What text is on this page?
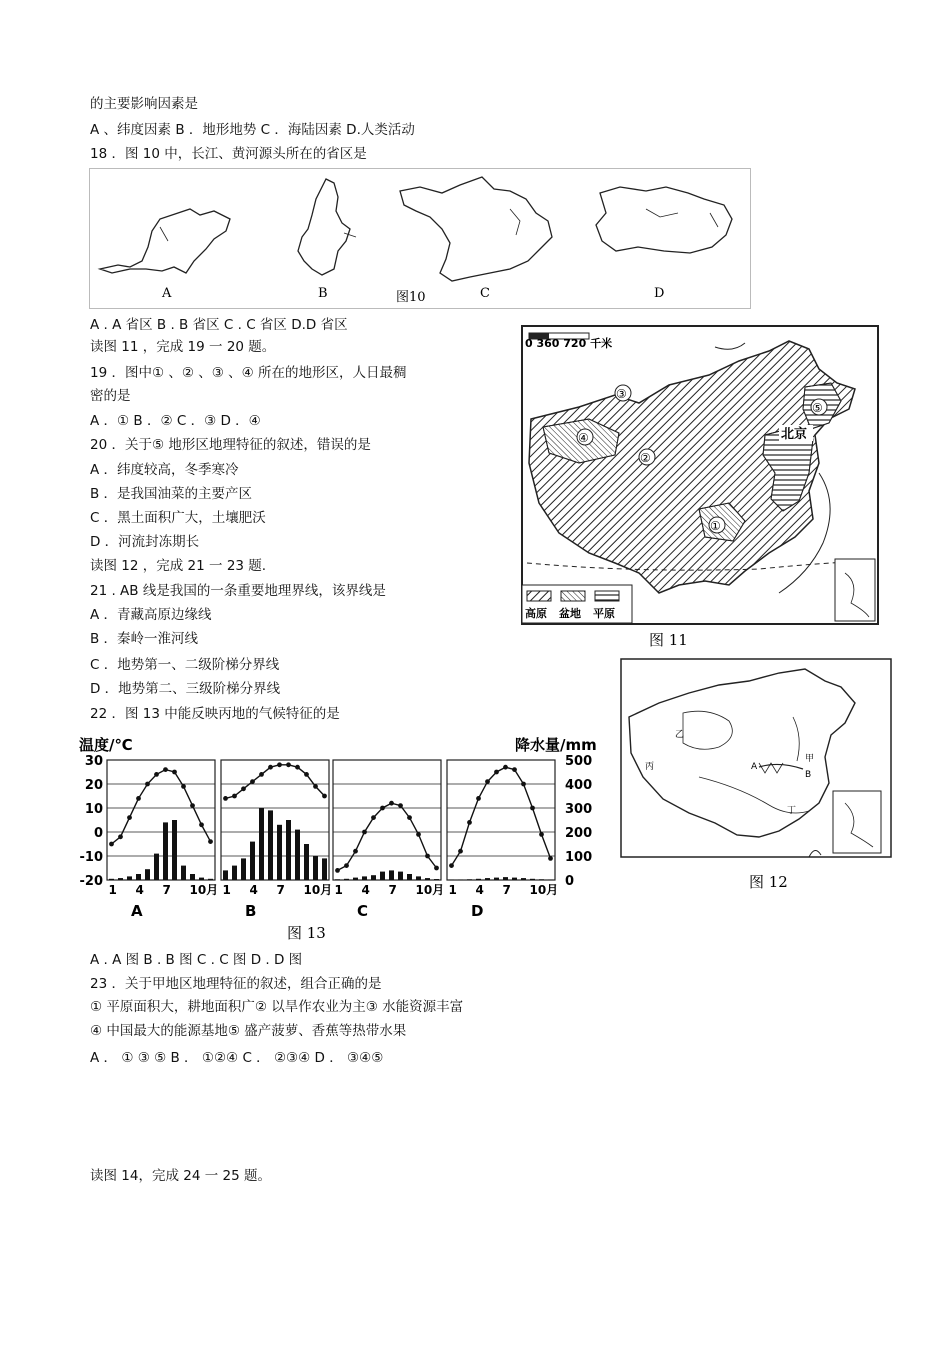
的主要影响因素是
A 、纬度因素 B ．地形地势 C ．海陆因素 D.人类活动
18 ．图 10 中，长江、黄河源头所在的省区是
A	B	图10	C	D
A . A 省区 B . B 省区 C . C 省区 D.D 省区
读图 11 ，完成 19 一 20 题。
19 ．图中① 、② 、③ 、④ 所在的地形区，人日最稠
密的是
A ．① B ．② C ．③ D ．④
20 ．关于⑤ 地形区地理特征的叙述，错误的是
A ．纬度较高，冬季寒冷
B ．是我国油菜的主要产区
C ．黑土面积广大，土壤肥沃
D ．河流封冻期长
读图 12 ，完成 21 一 23 题.
21 . AB 线是我国的一条重要地理界线，该界线是
A ．青藏高原边缘线
B ．秦岭一淮河线
C ．地势第一、二级阶梯分界线
D ．地势第二、三级阶梯分界线
22 ．图 13 中能反映丙地的气候特征的是
0 360 720 千米
④
②
③
①
⑤
北京
高原 盆地 平原
图 11
乙
丙
甲
B
丁
A
图 12
温度/℃	降水量/mm
30
20
10
0
-10
-20
500
400
300
200
100
0
1 4 7 10月
A
1 4 7 10月
B
1 4 7 10月
C
1 4 7 10月
D
图 13
A . A 图 B . B 图 C . C 图 D . D 图
23 ．关于甲地区地理特征的叙述，组合正确的是
① 平原面积大，耕地面积广② 以旱作农业为主③ 水能资源丰富
④ 中国最大的能源基地⑤ 盛产菠萝、香蕉等热带水果
A ． ① ③ ⑤ B ． ①②④ C ． ②③④ D ． ③④⑤
读图 14，完成 24 一 25 题。
